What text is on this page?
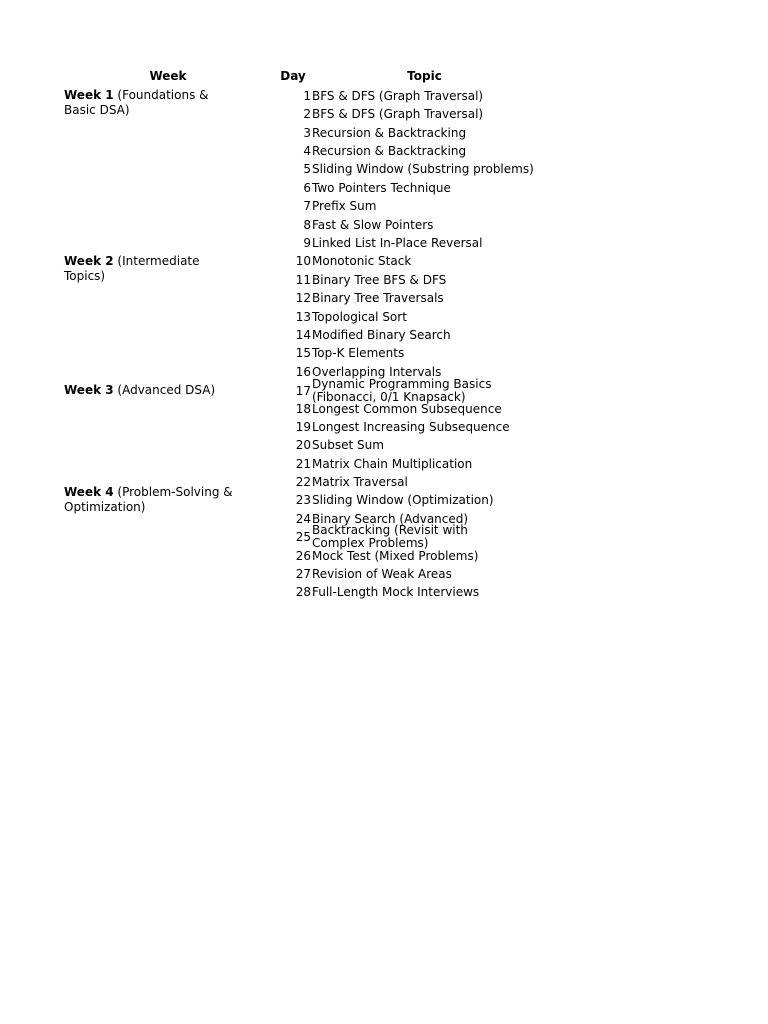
Week	Day	Topic
Week 1 (Foundations & Basic DSA)
Week 2 (Intermediate Topics)
Week 3 (Advanced DSA)
Week 4 (Problem-Solving & Optimization)
1 BFS & DFS (Graph Traversal)
2 BFS & DFS (Graph Traversal)
3 Recursion & Backtracking
4 Recursion & Backtracking
5 Sliding Window (Substring problems)
6 Two Pointers Technique
7 Prefix Sum
8 Fast & Slow Pointers
9 Linked List In-Place Reversal
10 Monotonic Stack
11 Binary Tree BFS & DFS
12 Binary Tree Traversals
13 Topological Sort
14 Modified Binary Search
15 Top-K Elements
16 Overlapping Intervals
17 Dynamic Programming Basics (Fibonacci, 0/1 Knapsack)
18 Longest Common Subsequence
19 Longest Increasing Subsequence
20 Subset Sum
21 Matrix Chain Multiplication
22 Matrix Traversal
23 Sliding Window (Optimization)
24 Binary Search (Advanced)
25 Backtracking (Revisit with Complex Problems)
26 Mock Test (Mixed Problems)
27 Revision of Weak Areas
28 Full-Length Mock Interviews
